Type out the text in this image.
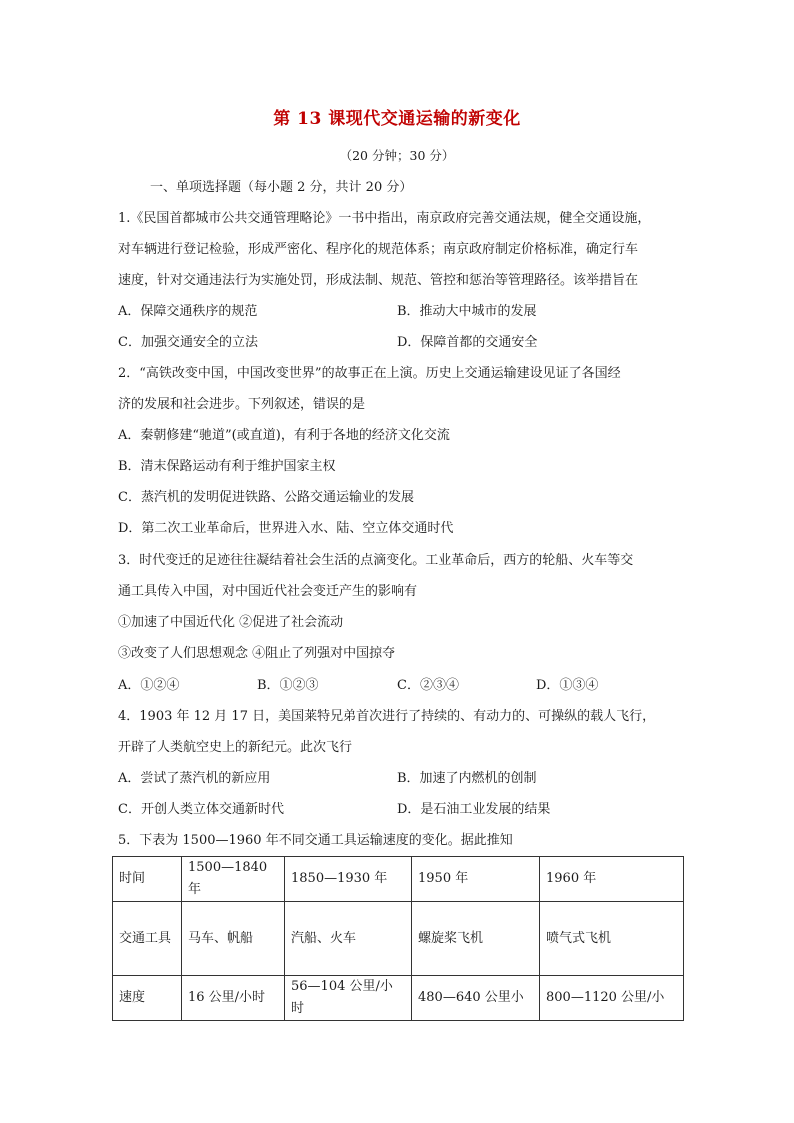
第 13 课现代交通运输的新变化
（20 分钟；30 分）
一、单项选择题（每小题 2 分，共计 20 分）
1.《民国首都城市公共交通管理略论》一书中指出，南京政府完善交通法规，健全交通设施，
对车辆进行登记检验，形成严密化、程序化的规范体系；南京政府制定价格标准，确定行车
速度，针对交通违法行为实施处罚，形成法制、规范、管控和惩治等管理路径。该举措旨在
A．保障交通秩序的规范	B．推动大中城市的发展
C．加强交通安全的立法	D．保障首都的交通安全
2．“高铁改变中国，中国改变世界”的故事正在上演。历史上交通运输建设见证了各国经
济的发展和社会进步。下列叙述，错误的是
A．秦朝修建“驰道”(或直道)，有利于各地的经济文化交流
B．清末保路运动有利于维护国家主权
C．蒸汽机的发明促进铁路、公路交通运输业的发展
D．第二次工业革命后，世界进入水、陆、空立体交通时代
3．时代变迁的足迹往往凝结着社会生活的点滴变化。工业革命后，西方的轮船、火车等交
通工具传入中国，对中国近代社会变迁产生的影响有
①加速了中国近代化 ②促进了社会流动
③改变了人们思想观念 ④阻止了列强对中国掠夺
A．①②④	B．①②③	C．②③④	D．①③④
4．1903 年 12 月 17 日，美国莱特兄弟首次进行了持续的、有动力的、可操纵的载人飞行，
开辟了人类航空史上的新纪元。此次飞行
A．尝试了蒸汽机的新应用	B．加速了内燃机的创制
C．开创人类立体交通新时代	D．是石油工业发展的结果
5．下表为 1500—1960 年不同交通工具运输速度的变化。据此推知
时间	1500—1840 年	1850—1930 年	1950 年	1960 年
交通工具	马车、帆船	汽船、火车	螺旋桨飞机	喷气式飞机
速度	16 公里/小时	56—104 公里/小时	480—640 公里小	800—1120 公里/小
